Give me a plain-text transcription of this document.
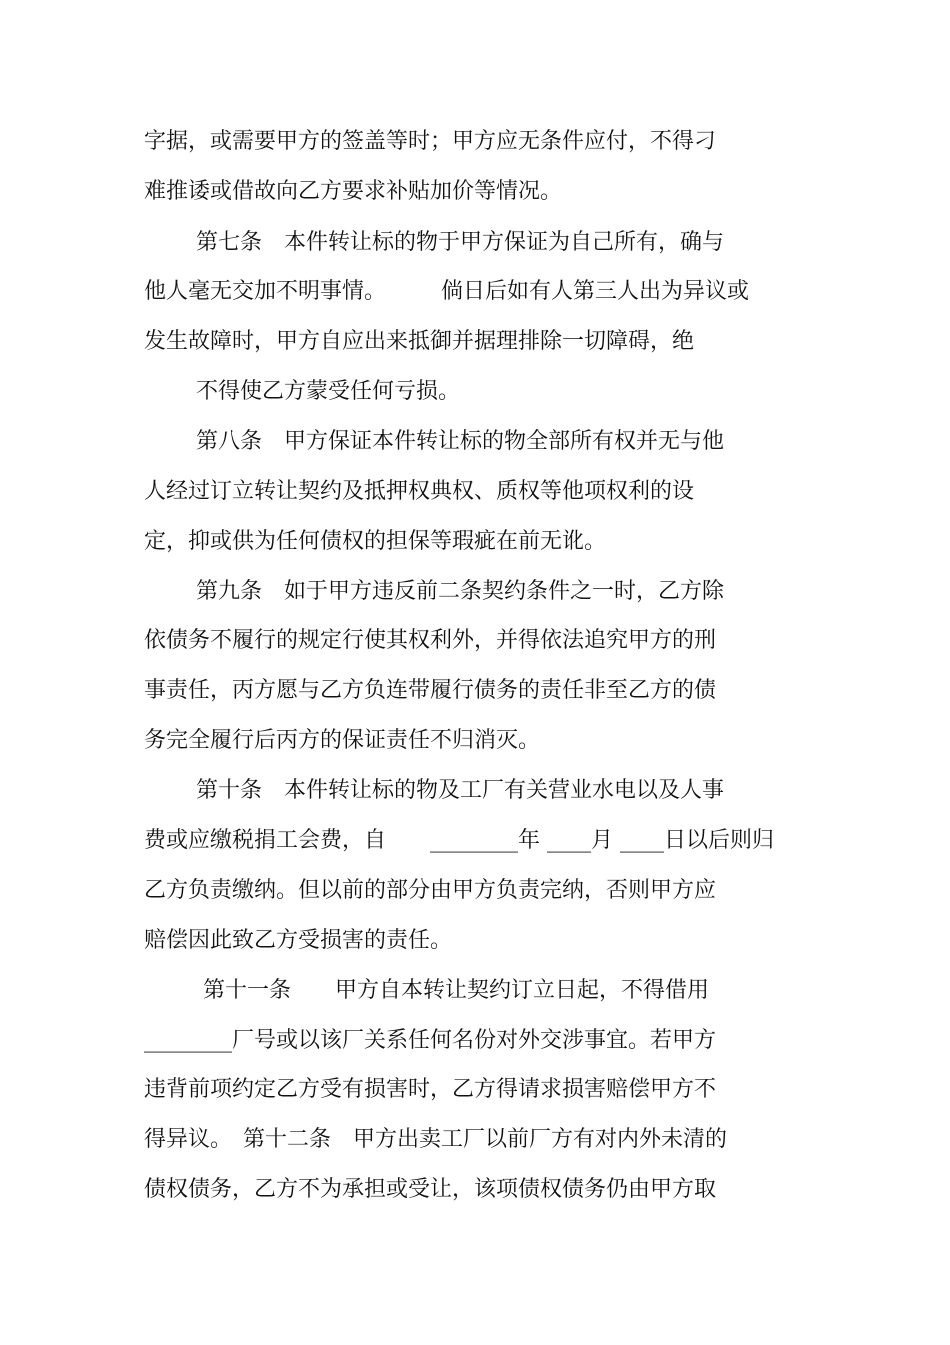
字据，或需要甲方的签盖等时；甲方应无条件应付，不得刁
难推诿或借故向乙方要求补贴加价等情况。
第七条　本件转让标的物于甲方保证为自己所有，确与
他人毫无交加不明事情。　　　倘日后如有人第三人出为异议或
发生故障时，甲方自应出来抵御并据理排除一切障碍，绝
不得使乙方蒙受任何亏损。
第八条　甲方保证本件转让标的物全部所有权并无与他
人经过订立转让契约及抵押权典权、质权等他项权利的设
定，抑或供为任何债权的担保等瑕疵在前无讹。
第九条　如于甲方违反前二条契约条件之一时，乙方除
依债务不履行的规定行使其权利外，并得依法追究甲方的刑
事责任，丙方愿与乙方负连带履行债务的责任非至乙方的债
务完全履行后丙方的保证责任不归消灭。
第十条　本件转让标的物及工厂有关营业水电以及人事
费或应缴税捐工会费，自　　________年 ____月 ____日以后则归
乙方负责缴纳。但以前的部分由甲方负责完纳，否则甲方应
赔偿因此致乙方受损害的责任。
第十一条　　甲方自本转让契约订立日起，不得借用
________厂号或以该厂关系任何名份对外交涉事宜。若甲方
违背前项约定乙方受有损害时，乙方得请求损害赔偿甲方不
得异议。　第十二条　甲方出卖工厂以前厂方有对内外未清的
债权债务，乙方不为承担或受让，该项债权债务仍由甲方取
